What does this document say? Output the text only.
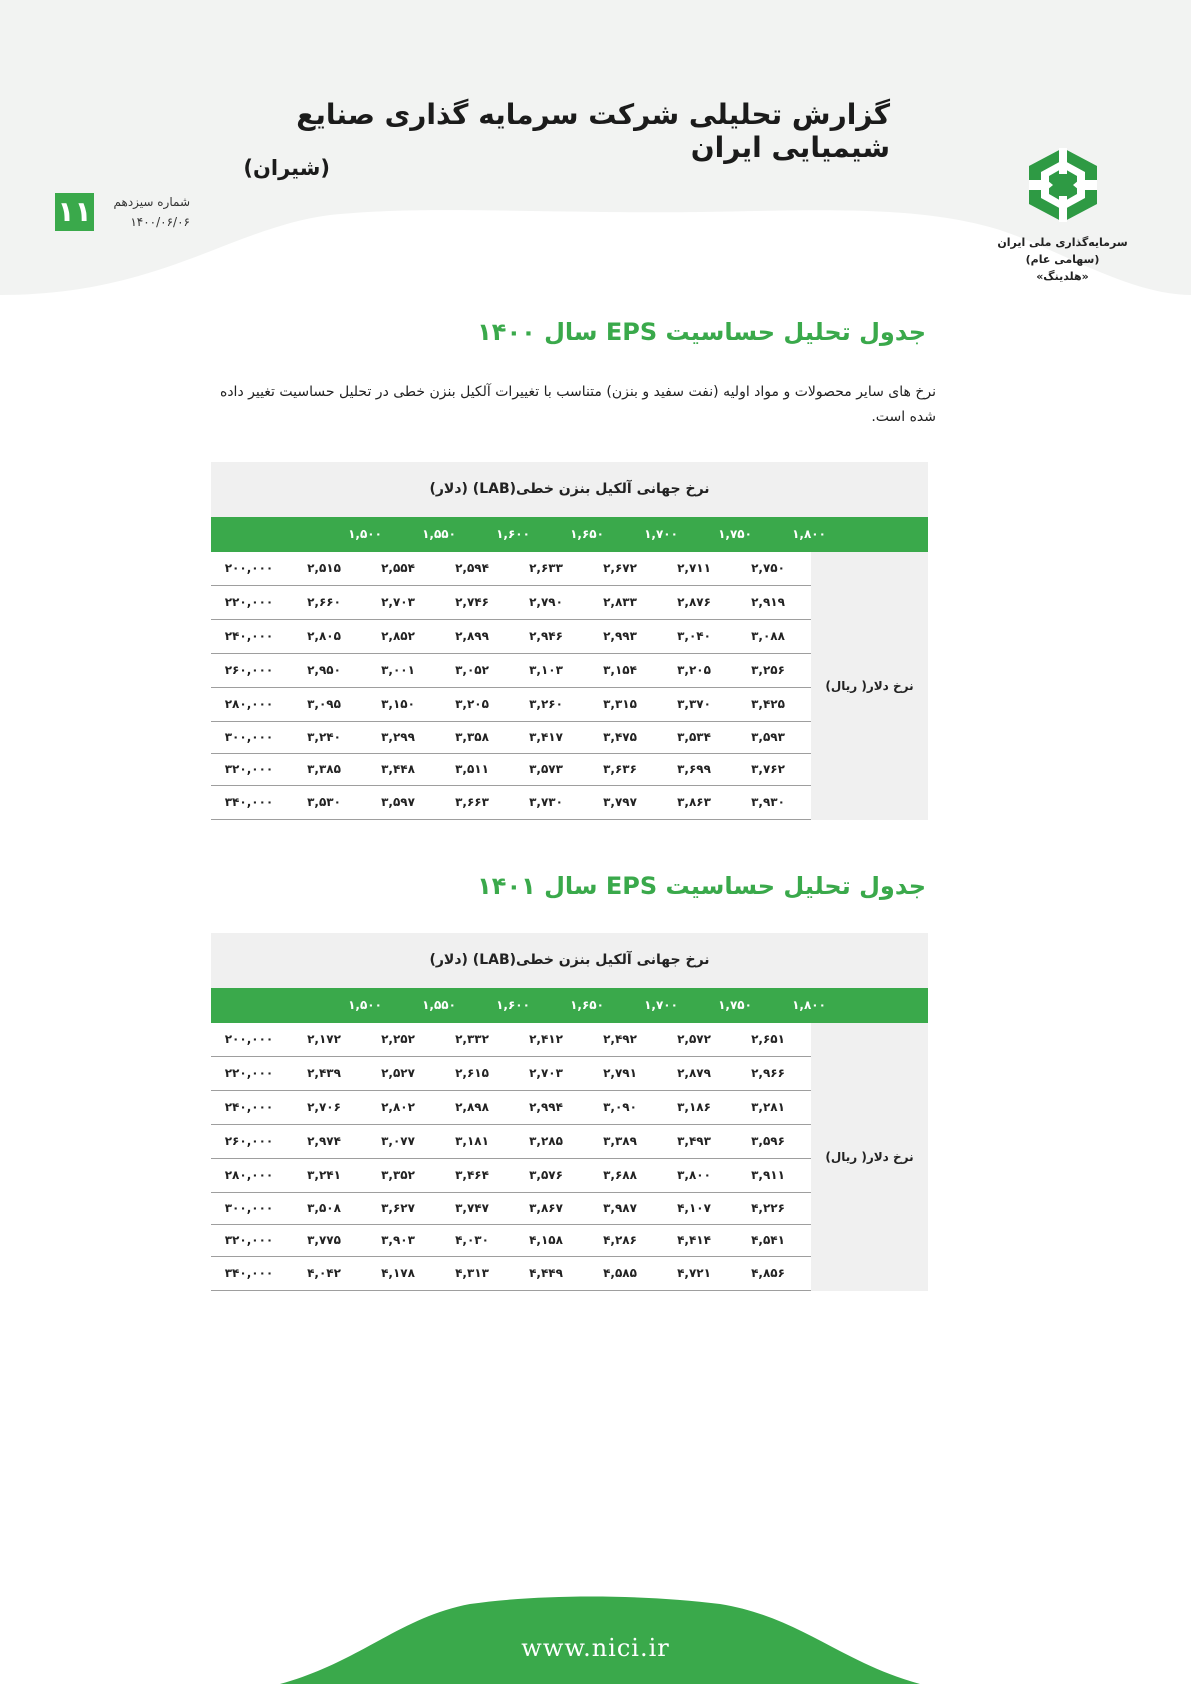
گزارش تحلیلی شرکت سرمایه گذاری صنایع شیمیایی ایران
(شیران)
۱۱	شماره سیزدهم
۱۴۰۰/۰۶/۰۶
سرمایه‌گذاری ملی ایران (سهامی عام)
«هلدینگ»
جدول تحلیل حساسیت EPS سال ۱۴۰۰
نرخ های سایر محصولات و مواد اولیه (نفت سفید و بنزن) متناسب با تغییرات آلکیل بنزن خطی در تحلیل حساسیت تغییر داده شده است.
نرخ جهانی آلکیل بنزن خطی(LAB) (دلار)
۱,۵۰۰	۱,۵۵۰	۱,۶۰۰	۱,۶۵۰	۱,۷۰۰	۱,۷۵۰	۱,۸۰۰
نرخ دلار( ریال)
۲۰۰,۰۰۰	۲,۵۱۵	۲,۵۵۴	۲,۵۹۴	۲,۶۳۳	۲,۶۷۲	۲,۷۱۱	۲,۷۵۰
۲۲۰,۰۰۰	۲,۶۶۰	۲,۷۰۳	۲,۷۴۶	۲,۷۹۰	۲,۸۳۳	۲,۸۷۶	۲,۹۱۹
۲۴۰,۰۰۰	۲,۸۰۵	۲,۸۵۲	۲,۸۹۹	۲,۹۴۶	۲,۹۹۳	۳,۰۴۰	۳,۰۸۸
۲۶۰,۰۰۰	۲,۹۵۰	۳,۰۰۱	۳,۰۵۲	۳,۱۰۳	۳,۱۵۴	۳,۲۰۵	۳,۲۵۶
۲۸۰,۰۰۰	۳,۰۹۵	۳,۱۵۰	۳,۲۰۵	۳,۲۶۰	۳,۳۱۵	۳,۳۷۰	۳,۴۲۵
۳۰۰,۰۰۰	۳,۲۴۰	۳,۲۹۹	۳,۳۵۸	۳,۴۱۷	۳,۴۷۵	۳,۵۳۴	۳,۵۹۳
۳۲۰,۰۰۰	۳,۳۸۵	۳,۴۴۸	۳,۵۱۱	۳,۵۷۳	۳,۶۳۶	۳,۶۹۹	۳,۷۶۲
۳۴۰,۰۰۰	۳,۵۳۰	۳,۵۹۷	۳,۶۶۳	۳,۷۳۰	۳,۷۹۷	۳,۸۶۳	۳,۹۳۰
جدول تحلیل حساسیت EPS سال ۱۴۰۱
نرخ جهانی آلکیل بنزن خطی(LAB) (دلار)
۱,۵۰۰	۱,۵۵۰	۱,۶۰۰	۱,۶۵۰	۱,۷۰۰	۱,۷۵۰	۱,۸۰۰
نرخ دلار( ریال)
۲۰۰,۰۰۰	۲,۱۷۲	۲,۲۵۲	۲,۳۳۲	۲,۴۱۲	۲,۴۹۲	۲,۵۷۲	۲,۶۵۱
۲۲۰,۰۰۰	۲,۴۳۹	۲,۵۲۷	۲,۶۱۵	۲,۷۰۳	۲,۷۹۱	۲,۸۷۹	۲,۹۶۶
۲۴۰,۰۰۰	۲,۷۰۶	۲,۸۰۲	۲,۸۹۸	۲,۹۹۴	۳,۰۹۰	۳,۱۸۶	۳,۲۸۱
۲۶۰,۰۰۰	۲,۹۷۴	۳,۰۷۷	۳,۱۸۱	۳,۲۸۵	۳,۳۸۹	۳,۴۹۳	۳,۵۹۶
۲۸۰,۰۰۰	۳,۲۴۱	۳,۳۵۲	۳,۴۶۴	۳,۵۷۶	۳,۶۸۸	۳,۸۰۰	۳,۹۱۱
۳۰۰,۰۰۰	۳,۵۰۸	۳,۶۲۷	۳,۷۴۷	۳,۸۶۷	۳,۹۸۷	۴,۱۰۷	۴,۲۲۶
۳۲۰,۰۰۰	۳,۷۷۵	۳,۹۰۳	۴,۰۳۰	۴,۱۵۸	۴,۲۸۶	۴,۴۱۴	۴,۵۴۱
۳۴۰,۰۰۰	۴,۰۴۲	۴,۱۷۸	۴,۳۱۳	۴,۴۴۹	۴,۵۸۵	۴,۷۲۱	۴,۸۵۶
www.nici.ir
